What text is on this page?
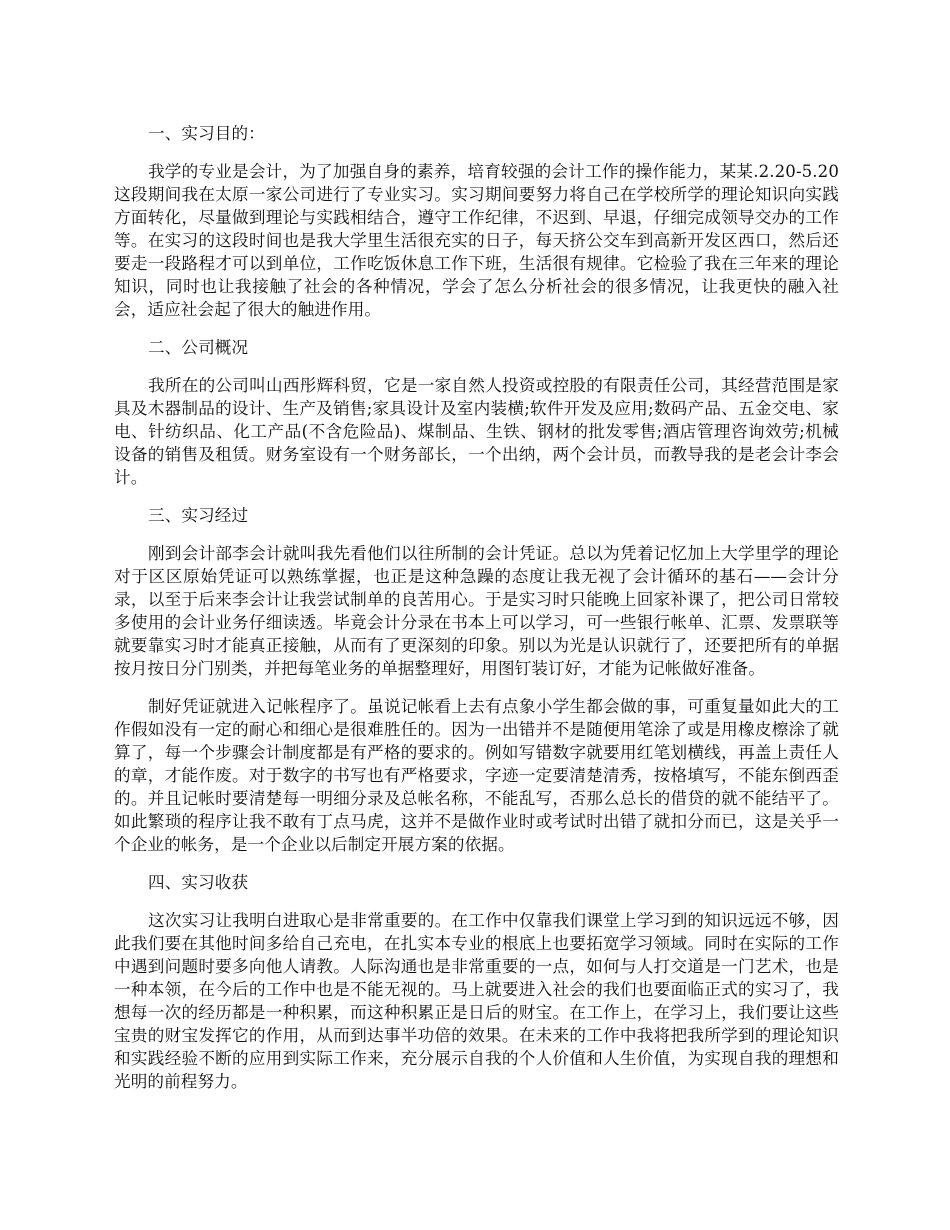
一、实习目的：

我学的专业是会计，为了加强自身的素养，培育较强的会计工作的操作能力，某某.2.20-5.20这段期间我在太原一家公司进行了专业实习。实习期间要努力将自己在学校所学的理论知识向实践方面转化，尽量做到理论与实践相结合，遵守工作纪律，不迟到、早退，仔细完成领导交办的工作等。在实习的这段时间也是我大学里生活很充实的日子，每天挤公交车到高新开发区西口，然后还要走一段路程才可以到单位，工作吃饭休息工作下班，生活很有规律。它检验了我在三年来的理论知识，同时也让我接触了社会的各种情况，学会了怎么分析社会的很多情况，让我更快的融入社会，适应社会起了很大的触进作用。

二、公司概况

我所在的公司叫山西彤辉科贸，它是一家自然人投资或控股的有限责任公司，其经营范围是家具及木器制品的设计、生产及销售;家具设计及室内装横;软件开发及应用;数码产品、五金交电、家电、针纺织品、化工产品(不含危险品)、煤制品、生铁、钢材的批发零售;酒店管理咨询效劳;机械设备的销售及租赁。财务室设有一个财务部长，一个出纳，两个会计员，而教导我的是老会计李会计。

三、实习经过

刚到会计部李会计就叫我先看他们以往所制的会计凭证。总以为凭着记忆加上大学里学的理论对于区区原始凭证可以熟练掌握，也正是这种急躁的态度让我无视了会计循环的基石——会计分录，以至于后来李会计让我尝试制单的良苦用心。于是实习时只能晚上回家补课了，把公司日常较多使用的会计业务仔细读透。毕竟会计分录在书本上可以学习，可一些银行帐单、汇票、发票联等就要靠实习时才能真正接触，从而有了更深刻的印象。别以为光是认识就行了，还要把所有的单据按月按日分门别类，并把每笔业务的单据整理好，用图钉装订好，才能为记帐做好准备。

制好凭证就进入记帐程序了。虽说记帐看上去有点象小学生都会做的事，可重复量如此大的工作假如没有一定的耐心和细心是很难胜任的。因为一出错并不是随便用笔涂了或是用橡皮檫涂了就算了，每一个步骤会计制度都是有严格的要求的。例如写错数字就要用红笔划横线，再盖上责任人的章，才能作废。对于数字的书写也有严格要求，字迹一定要清楚清秀，按格填写，不能东倒西歪的。并且记帐时要清楚每一明细分录及总帐名称，不能乱写，否那么总长的借贷的就不能结平了。如此繁琐的程序让我不敢有丁点马虎，这并不是做作业时或考试时出错了就扣分而已，这是关乎一个企业的帐务，是一个企业以后制定开展方案的依据。

四、实习收获

这次实习让我明白进取心是非常重要的。在工作中仅靠我们课堂上学习到的知识远远不够，因此我们要在其他时间多给自己充电，在扎实本专业的根底上也要拓宽学习领域。同时在实际的工作中遇到问题时要多向他人请教。人际沟通也是非常重要的一点，如何与人打交道是一门艺术，也是一种本领，在今后的工作中也是不能无视的。马上就要进入社会的我们也要面临正式的实习了，我想每一次的经历都是一种积累，而这种积累正是日后的财宝。在工作上，在学习上，我们要让这些宝贵的财宝发挥它的作用，从而到达事半功倍的效果。在未来的工作中我将把我所学到的理论知识和实践经验不断的应用到实际工作来，充分展示自我的个人价值和人生价值，为实现自我的理想和光明的前程努力。
